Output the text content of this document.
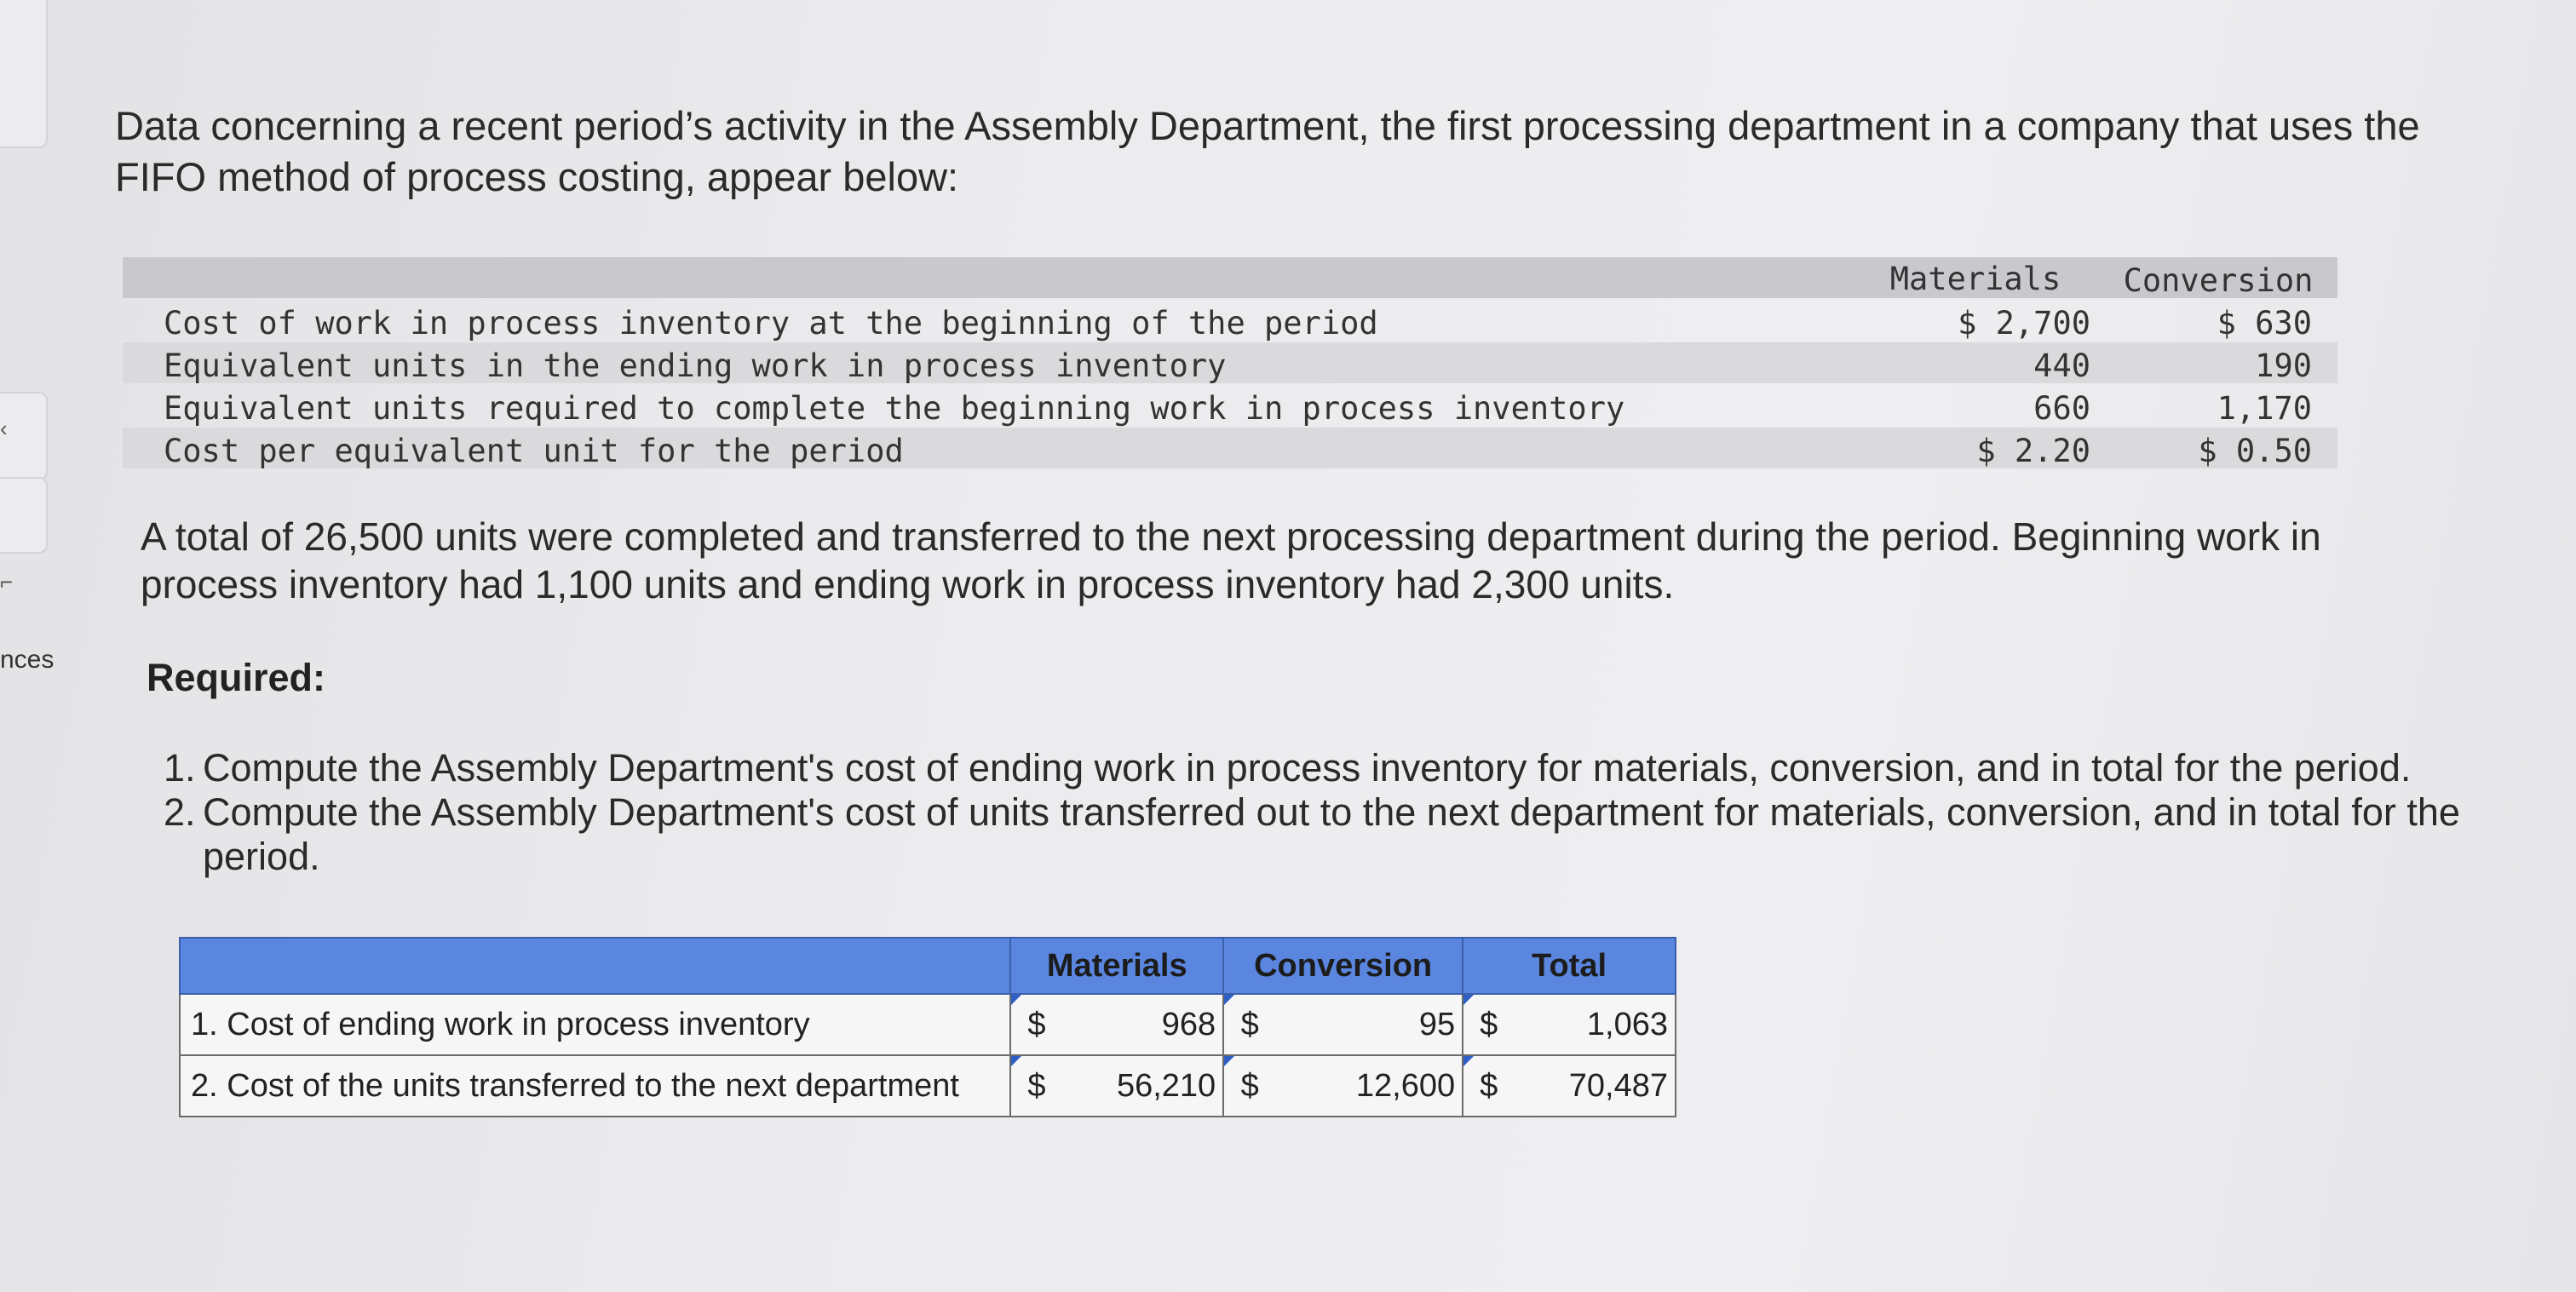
‹
⌐
nces
Data concerning a recent period’s activity in the Assembly Department, the first processing department in a company that uses the FIFO method of process costing, appear below:
Materials	Conversion
Cost of work in process inventory at the beginning of the period	$ 2,700	$ 630
Equivalent units in the ending work in process inventory	440	190
Equivalent units required to complete the beginning work in process inventory	660	1,170
Cost per equivalent unit for the period	$ 2.20	$ 0.50
A total of 26,500 units were completed and transferred to the next processing department during the period. Beginning work in process inventory had 1,100 units and ending work in process inventory had 2,300 units.
Required:
1. Compute the Assembly Department's cost of ending work in process inventory for materials, conversion, and in total for the period.
2. Compute the Assembly Department's cost of units transferred out to the next department for materials, conversion, and in total for the period.
	Materials		Conversion		Total	
1. Cost of ending work in process inventory	$	968	$	95	$	1,063
2. Cost of the units transferred to the next department	$	56,210	$	12,600	$	70,487
